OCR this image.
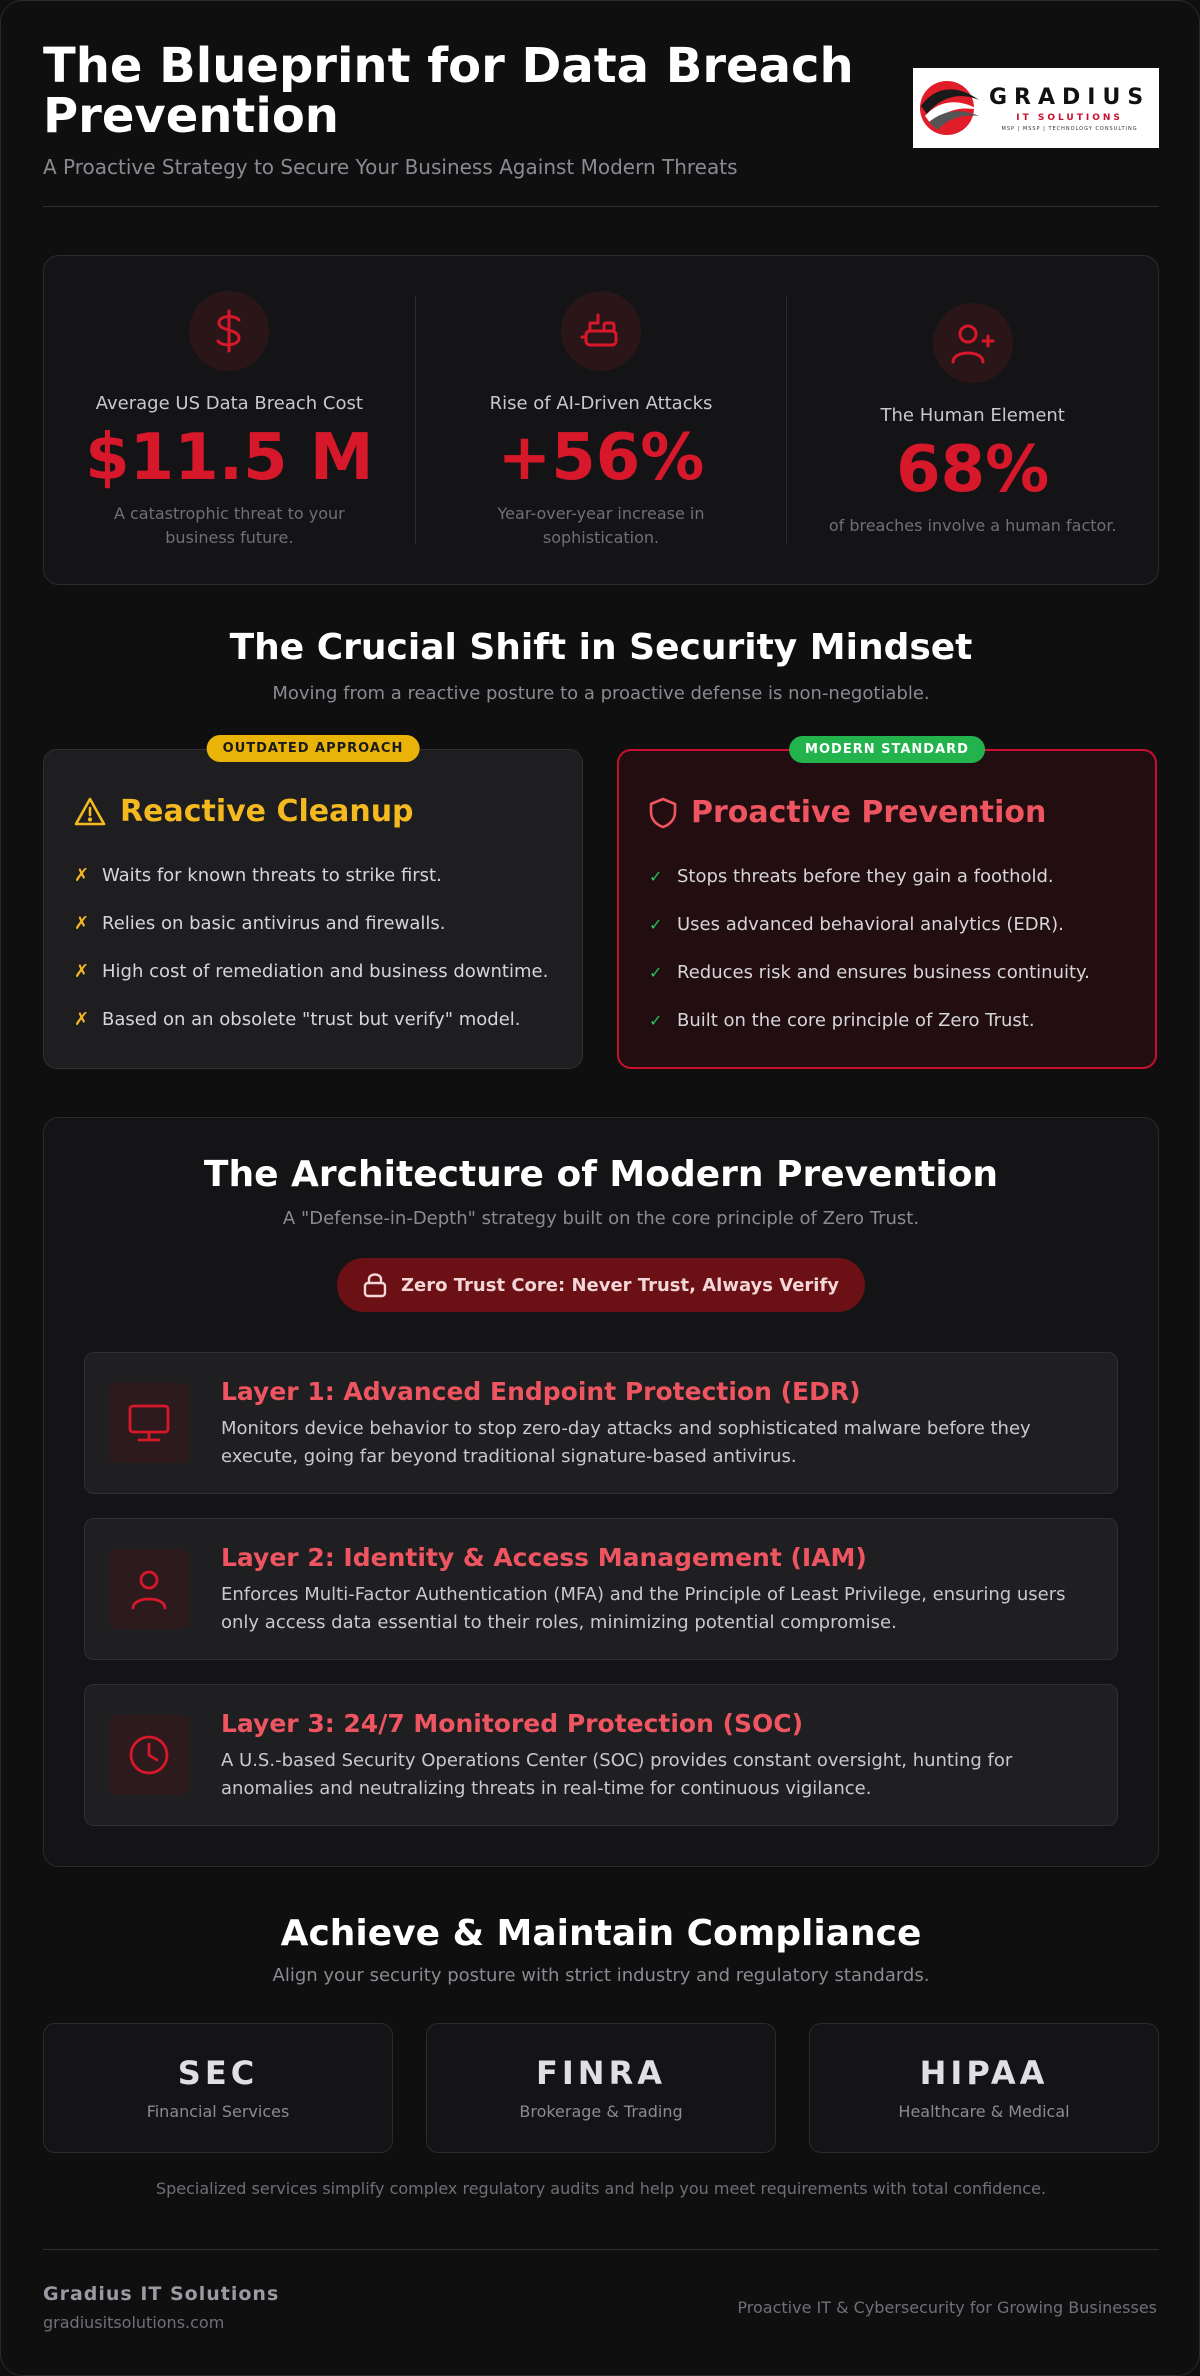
The Blueprint for Data Breach Prevention
A Proactive Strategy to Secure Your Business Against Modern Threats
GRADIUS
IT SOLUTIONS
MSP | MSSP | TECHNOLOGY CONSULTING
Average US Data Breach Cost
$11.5 M
A catastrophic threat to your business future.
Rise of AI-Driven Attacks
+56%
Year-over-year increase in sophistication.
The Human Element
68%
of breaches involve a human factor.
The Crucial Shift in Security Mindset
Moving from a reactive posture to a proactive defense is non-negotiable.
OUTDATED APPROACH
Reactive Cleanup
✗ Waits for known threats to strike first.
✗ Relies on basic antivirus and firewalls.
✗ High cost of remediation and business downtime.
✗ Based on an obsolete "trust but verify" model.
MODERN STANDARD
Proactive Prevention
✓ Stops threats before they gain a foothold.
✓ Uses advanced behavioral analytics (EDR).
✓ Reduces risk and ensures business continuity.
✓ Built on the core principle of Zero Trust.
The Architecture of Modern Prevention
A "Defense-in-Depth" strategy built on the core principle of Zero Trust.
Zero Trust Core: Never Trust, Always Verify
Layer 1: Advanced Endpoint Protection (EDR)
Monitors device behavior to stop zero-day attacks and sophisticated malware before they execute, going far beyond traditional signature-based antivirus.
Layer 2: Identity & Access Management (IAM)
Enforces Multi-Factor Authentication (MFA) and the Principle of Least Privilege, ensuring users only access data essential to their roles, minimizing potential compromise.
Layer 3: 24/7 Monitored Protection (SOC)
A U.S.-based Security Operations Center (SOC) provides constant oversight, hunting for anomalies and neutralizing threats in real-time for continuous vigilance.
Achieve & Maintain Compliance
Align your security posture with strict industry and regulatory standards.
SEC
Financial Services
FINRA
Brokerage & Trading
HIPAA
Healthcare & Medical
Specialized services simplify complex regulatory audits and help you meet requirements with total confidence.
Gradius IT Solutions
gradiusitsolutions.com
Proactive IT & Cybersecurity for Growing Businesses
